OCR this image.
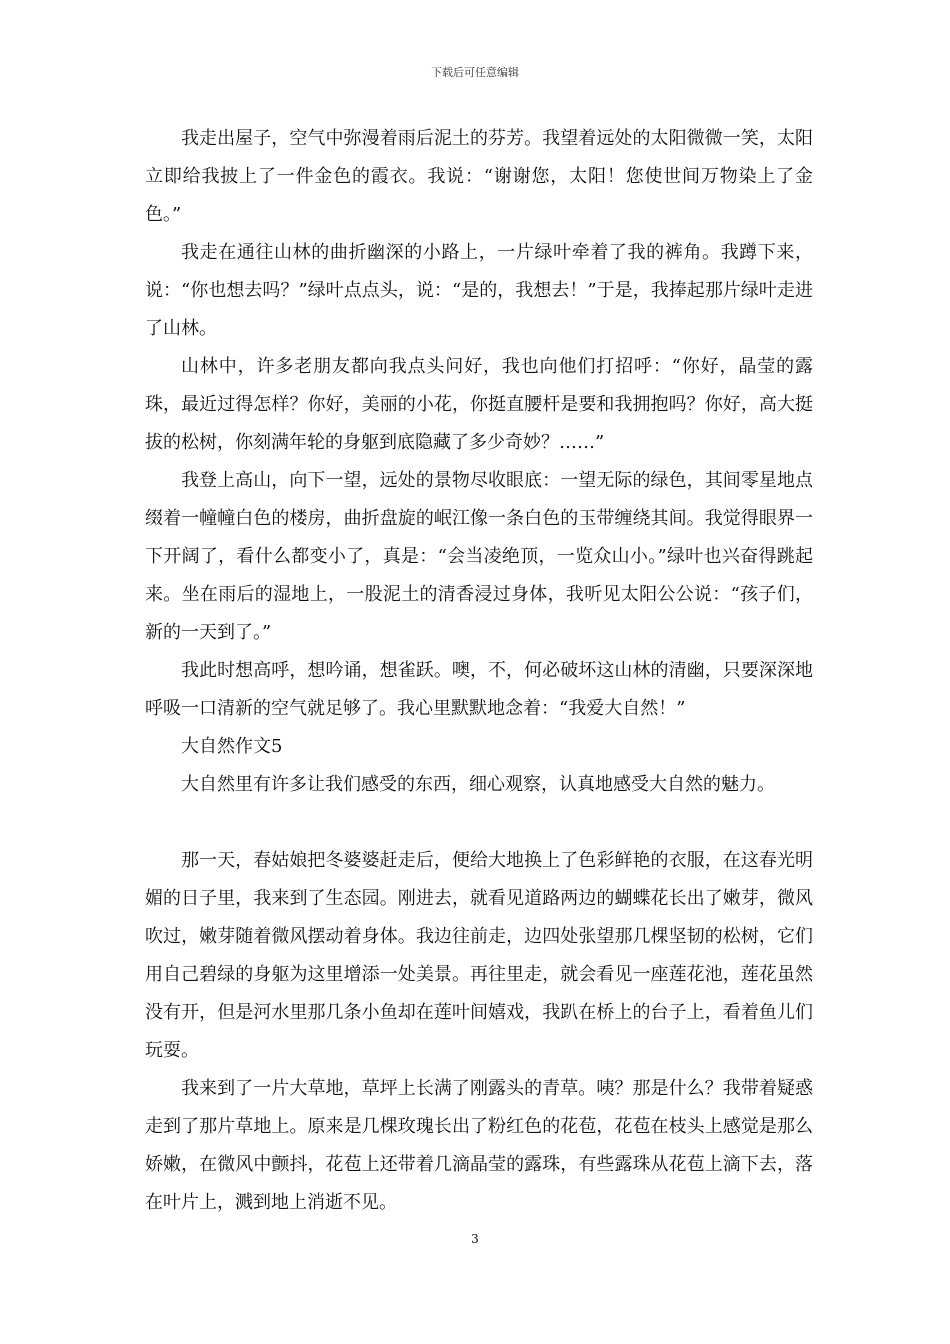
下载后可任意编辑

我走出屋子，空气中弥漫着雨后泥土的芬芳。我望着远处的太阳微微一笑，太阳立即给我披上了一件金色的霞衣。我说：“谢谢您，太阳！您使世间万物染上了金色。”

我走在通往山林的曲折幽深的小路上，一片绿叶牵着了我的裤角。我蹲下来，说：“你也想去吗？”绿叶点点头，说：“是的，我想去！”于是，我捧起那片绿叶走进了山林。

山林中，许多老朋友都向我点头问好，我也向他们打招呼：“你好，晶莹的露珠，最近过得怎样？你好，美丽的小花，你挺直腰杆是要和我拥抱吗？你好，高大挺拔的松树，你刻满年轮的身躯到底隐藏了多少奇妙？……”

我登上高山，向下一望，远处的景物尽收眼底：一望无际的绿色，其间零星地点缀着一幢幢白色的楼房，曲折盘旋的岷江像一条白色的玉带缠绕其间。我觉得眼界一下开阔了，看什么都变小了，真是：“会当凌绝顶，一览众山小。”绿叶也兴奋得跳起来。坐在雨后的湿地上，一股泥土的清香浸过身体，我听见太阳公公说：“孩子们，新的一天到了。”

我此时想高呼，想吟诵，想雀跃。噢，不，何必破坏这山林的清幽，只要深深地呼吸一口清新的空气就足够了。我心里默默地念着：“我爱大自然！”

大自然作文5

大自然里有许多让我们感受的东西，细心观察，认真地感受大自然的魅力。

那一天，春姑娘把冬婆婆赶走后，便给大地换上了色彩鲜艳的衣服，在这春光明媚的日子里，我来到了生态园。刚进去，就看见道路两边的蝴蝶花长出了嫩芽，微风吹过，嫩芽随着微风摆动着身体。我边往前走，边四处张望那几棵坚韧的松树，它们用自己碧绿的身躯为这里增添一处美景。再往里走，就会看见一座莲花池，莲花虽然没有开，但是河水里那几条小鱼却在莲叶间嬉戏，我趴在桥上的台子上，看着鱼儿们玩耍。

我来到了一片大草地，草坪上长满了刚露头的青草。咦？那是什么？我带着疑惑走到了那片草地上。原来是几棵玫瑰长出了粉红色的花苞，花苞在枝头上感觉是那么娇嫩，在微风中颤抖，花苞上还带着几滴晶莹的露珠，有些露珠从花苞上滴下去，落在叶片上，溅到地上消逝不见。

3
